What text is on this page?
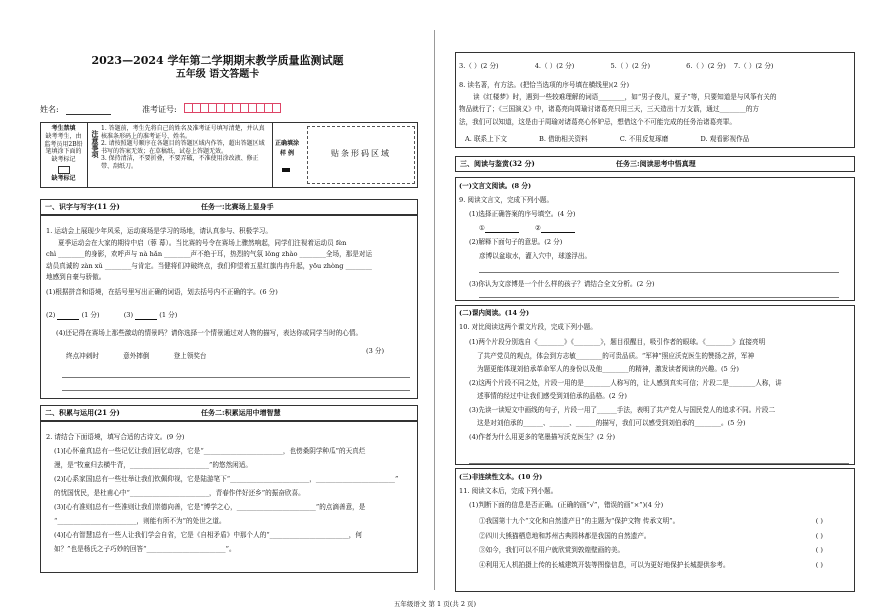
2023—2024 学年第二学期期末教学质量监测试题
五年级 语文答题卡
姓名:	准考证号:
考生禁填
缺考考生，由监考员用2B铅笔填涂下面的缺考标记
缺考标记
注意事项
1. 答题前，考生先将自己的姓名及准考证号填写清楚，并认真核准条形码上的准考证号、姓名。
2. 请按照题号顺序在各题目的答题区域内作答，超出答题区域书写的答案无效；在草稿纸、试卷上答题无效。
3. 保持清洁，不要折叠，不要弄破，不准使用涂改液、修正带、刮纸刀。
正确填涂
样 例	贴条形码区域
一、识字与写字(11 分)	任务一:比赛场上显身手
1. 运动会上展现少年风采，运动赛场是学习的场地，请认真参与、积极学习。
夏季运动会在大家的期待中启（蓉 幕）。当比赛的号令在赛场上骤然响起，同学们注视着运动员 fèn
chì ________的身影，欢呼声与 nà hǎn ________声不绝于耳，热烈的气氛 lǒng zhào ________全场，那是对运
动员真诚的 zàn xǔ ________与肯定。当健将们冲破终点，我们仰望着五星红旗冉冉升起，yōu zhòng ________
地感到自豪与骄傲。
(1)根据拼音和语境，在括号里写出正确的词语，划去括号内不正确的字。(6 分)
(2)	(1 分)	(3)	(1 分)
(4)还记得在赛场上那些激动的情景吗？请你选择一个情景通过对人物的描写，表达你或同学当时的心情。
(3 分)
终点冲刺时	意外摔倒	登上领奖台
二、积累与运用(21 分)	任务二:积累运用中增智慧
2. 请结合下面语境，填写合适的古诗文。(9 分)
(1)[心怀童真]总有一些记忆让我们回忆动容，它是“________________________，也傍桑阴学种瓜”的天真烂
漫，是“牧童归去横牛背，________________________”的悠然闲适。
(2)[心系家国]总有一些壮举让我们钦佩仰视，它是陆游笔下“________________________，________________________”
的忧国忧民，是杜甫心中“________________________，青春作伴好还乡”的振奋欣喜。
(3)[心有准则]总有一些准则让我们崇德向善，它是“博学之心，________________________”的点滴善意，是
“________________________，则能有所不为”的处世之道。
(4)[心有智慧]总有一些人让我们学会自省，它是《自相矛盾》中那个人的“________________________，何
如？”也是杨氏之子巧妙的回答“________________________”。
3.（ ）(2 分)	4.（ ）(2 分)	5.（ ）(2 分)	6.（ ）(2 分) 7.（ ）(2 分)
8. 读名著，有方法。(把恰当选项的序号填在横线里)(2 分)
读《红楼梦》时，遇到一些较难理解的词语________，如“男子俊儿，夏子”等，只要知道是与风筝有关的
物品就行了；《三国演义》中，诸葛亮向周瑜讨诸葛亮只用三天，三天造出十万支箭，通过________的方
法，我们可以知道，这是由于周瑜对诸葛亮心怀妒忌，想借这个不可能完成的任务治诸葛亮罪。
A. 联系上下文	B. 借助相关资料	C. 不用反复琢磨	D. 观看影视作品
三、阅读与鉴赏(32 分)	任务三:阅读思考中悟真理
(一)文言文阅读。(8 分)
9. 阅读文言文，完成下列小题。
(1)选择正确答案的序号填空。(4 分)
①	②
(2)解释下面句子的意思。(2 分)
彦博以盆取水，灌入穴中，球遂浮出。
(3)你认为文彦博是一个什么样的孩子？请结合全文分析。(2 分)
(二)课内阅读。(14 分)
10. 对比阅读这两个课文片段，完成下列小题。
(1)两个片段分别选自《________》《________》，题目很醒目，吸引作者的眼球。《________》直接亮明
了共产党员的观点，体会到方志敏________的可贵品质。“军神”照应沃克医生的赞扬之辞，军神
为题更能体现刘伯承革命军人的身份以及他________的精神，激发读者阅读的兴趣。(5 分)
(2)这两个片段不同之处，片段一用的是________人称写的，让人感到真实可信；片段二是________人称，讲
述事情的经过中让我们感受到刘伯承的品格。(2 分)
(3)先读一读短文中画线的句子，片段一用了______手法，表明了共产党人与国民党人的追求不同。片段二
这是对刘伯承的______、______、______的描写，我们可以感受到刘伯承的________。(5 分)
(4)作者为什么用更多的笔墨描写沃克医生？(2 分)
(三)非连续性文本。(10 分)
11. 阅读文本后，完成下列小题。
(1)判断下面的信息是否正确。(正确的画“√”，错误的画“×”)(4 分)
①我国第十九个“文化和自然遗产日”的主题为“保护文物 传承文明”。	( )
②四川大熊猫栖息地和苏州古典园林都是我国的自然遗产。	( )
③如今，我们可以不用户就欣赏到敦煌壁画的美。	( )
④利用无人机拍摄上传的长城建筑开装等图像信息，可以为更好地保护长城提供参考。	( )
五年级语文 第 1 页(共 2 页)
